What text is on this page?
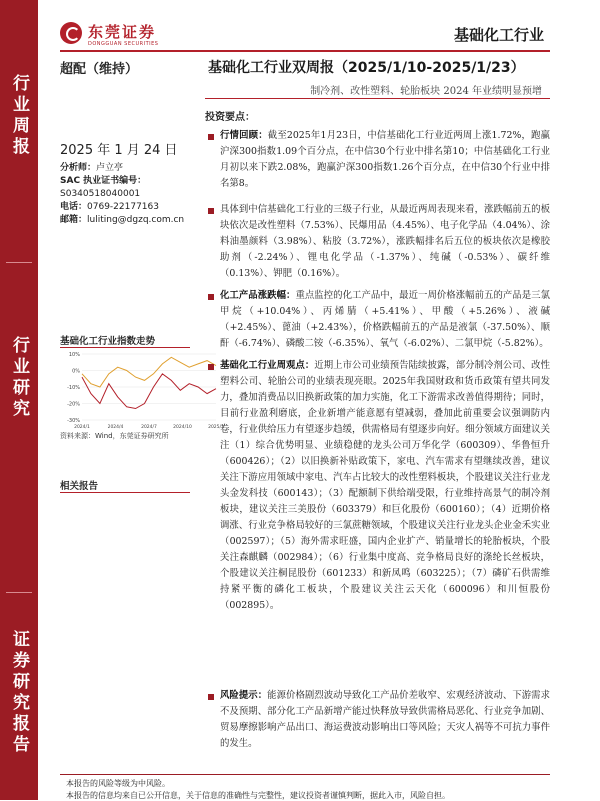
行业周报
行业研究
证券研究报告
东莞证券
DONGGUAN SECURITIES	基础化工行业
超配（维持）
2025 年 1 月 24 日
分析师：卢立亭
SAC 执业证书编号：
S0340518040001
电话：0769-22177163
邮箱：luliting@dgzq.com.cn
基础化工行业指数走势
10%
0%
-10%
-20%
-30%
2024/1	2024/4	2024/7	2024/10	2025/1
资料来源：Wind，东莞证券研究所
相关报告
基础化工行业双周报（2025/1/10-2025/1/23）
制冷剂、改性塑料、轮胎板块 2024 年业绩明显预增
投资要点：
行情回顾：截至2025年1月23日，中信基础化工行业近两周上涨1.72%，跑赢沪深300指数1.09个百分点，在中信30个行业中排名第10；中信基础化工行业月初以来下跌2.08%，跑赢沪深300指数1.26个百分点，在中信30个行业中排名第8。
具体到中信基础化工行业的三级子行业，从最近两周表现来看，涨跌幅前五的板块依次是改性塑料（7.53%）、民爆用品（4.45%）、电子化学品（4.04%）、涂料油墨颜料（3.98%）、粘胶（3.72%），涨跌幅排名后五位的板块依次是橡胶助剂（-2.24%）、锂电化学品（-1.37%）、纯碱（-0.53%）、碳纤维（0.13%）、钾肥（0.16%）。
化工产品涨跌幅：重点监控的化工产品中，最近一周价格涨幅前五的产品是三氯甲烷（+10.04%）、丙烯腈（+5.41%）、甲酸（+5.26%）、液碱（+2.45%）、蓖油（+2.43%），价格跌幅前五的产品是液氯（-37.50%）、顺酐（-6.74%）、磷酸二铵（-6.35%）、氧气（-6.02%）、二氯甲烷（-5.82%）。
基础化工行业周观点：近期上市公司业绩预告陆续披露，部分制冷剂公司、改性塑料公司、轮胎公司的业绩表现亮眼。2025年我国财政和货币政策有望共同发力，叠加消费品以旧换新政策的加力实施，化工下游需求改善值得期待；同时，目前行业盈利磨底，企业新增产能意愿有望减弱，叠加此前重要会议强调防内卷，行业供给压力有望逐步趋缓，供需格局有望逐步向好。细分领域方面建议关注（1）综合优势明显、业绩稳健的龙头公司万华化学（600309）、华鲁恒升（600426）；（2）以旧换新补贴政策下，家电、汽车需求有望继续改善，建议关注下游应用领域中家电、汽车占比较大的改性塑料板块，个股建议关注行业龙头金发科技（600143）；（3）配额制下供给端受限，行业维持高景气的制冷剂板块，建议关注三美股份（603379）和巨化股份（600160）；（4）近期价格调涨、行业竞争格局较好的三氯蔗糖领域，个股建议关注行业龙头企业金禾实业（002597）；（5）海外需求旺盛，国内企业扩产、销量增长的轮胎板块，个股关注森麒麟（002984）；（6）行业集中度高、竞争格局良好的涤纶长丝板块，个股建议关注桐昆股份（601233）和新凤鸣（603225）；（7）磷矿石供需维持紧平衡的磷化工板块，个股建议关注云天化（600096）和川恒股份（002895）。
风险提示：能源价格剧烈波动导致化工产品价差收窄、宏观经济波动、下游需求不及预期、部分化工产品新增产能过快释放导致供需格局恶化、行业竞争加剧、贸易摩擦影响产品出口、海运费波动影响出口等风险；天灾人祸等不可抗力事件的发生。
本报告的风险等级为中风险。
本报告的信息均来自已公开信息，关于信息的准确性与完整性，建议投资者谨慎判断，据此入市，风险自担。
